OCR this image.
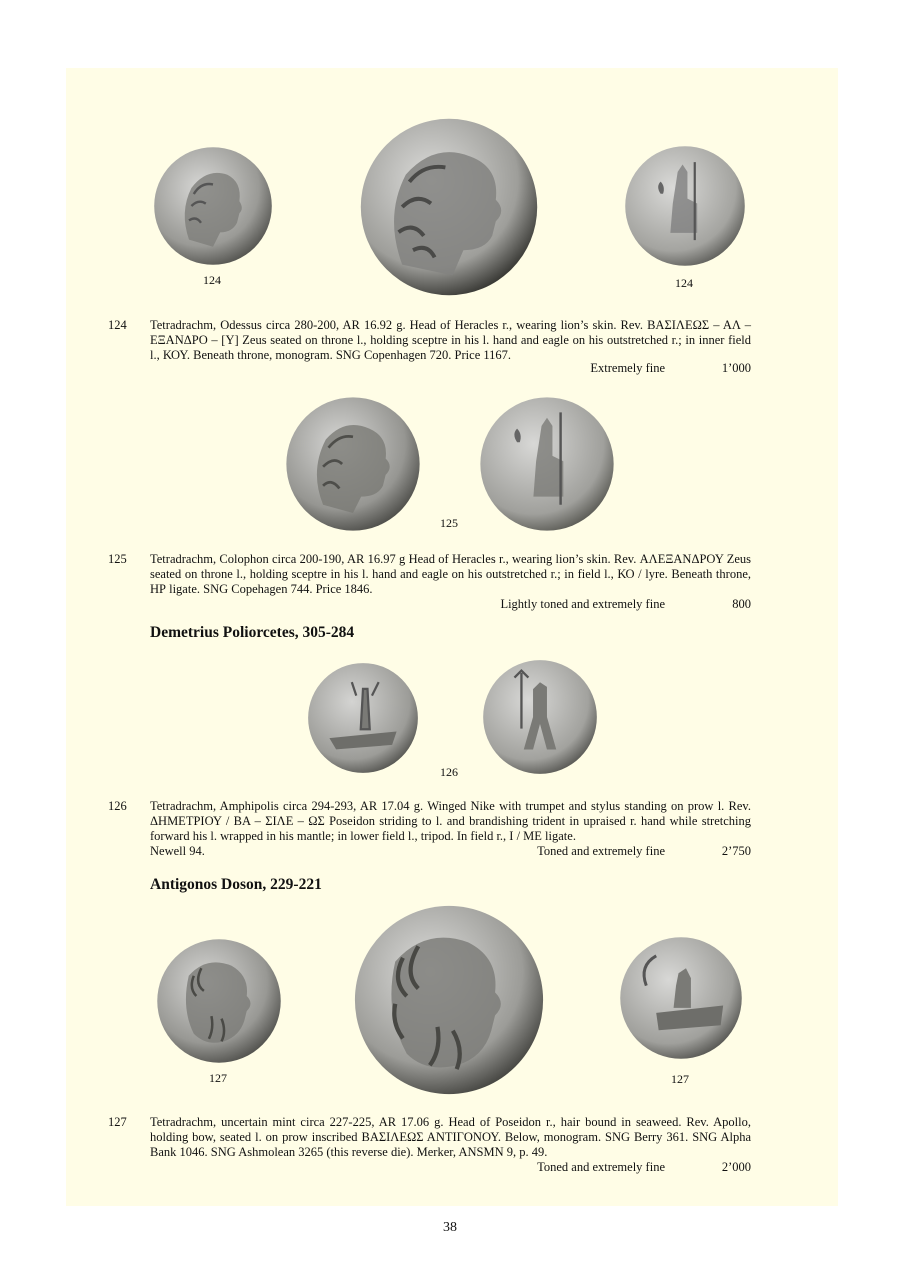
124	124
124 Tetradrachm, Odessus circa 280-200, AR 16.92 g. Head of Heracles r., wearing lion’s skin. Rev. ΒΑΣΙΛΕΩΣ – ΑΛ – ΕΞΑΝΔΡΟ – [Υ] Zeus seated on throne l., holding sceptre in his l. hand and eagle on his outstretched r.; in inner field l., ΚΟΥ. Beneath throne, monogram. SNG Copenhagen 720. Price 1167.
Extremely fine	1’000
125
125 Tetradrachm, Colophon circa 200-190, AR 16.97 g Head of Heracles r., wearing lion’s skin. Rev. ΑΛΕΞΑΝΔΡΟΥ Zeus seated on throne l., holding sceptre in his l. hand and eagle on his outstretched r.; in field l., ΚΟ / lyre. Beneath throne, ΗΡ ligate. SNG Copehagen 744. Price 1846.
Lightly toned and extremely fine	800
Demetrius Poliorcetes, 305-284
126
126 Tetradrachm, Amphipolis circa 294-293, AR 17.04 g. Winged Nike with trumpet and stylus standing on prow l. Rev. ΔΗΜΕΤΡΙΟΥ / ΒΑ – ΣΙΛΕ – ΩΣ Poseidon striding to l. and brandishing trident in upraised r. hand while stretching forward his l. wrapped in his mantle; in lower field l., tripod. In field r., Ι / ΜΕ ligate.
Newell 94.	Toned and extremely fine	2’750
Antigonos Doson, 229-221
127	127
127 Tetradrachm, uncertain mint circa 227-225, AR 17.06 g. Head of Poseidon r., hair bound in seaweed. Rev. Apollo, holding bow, seated l. on prow inscribed ΒΑΣΙΛΕΩΣ ΑΝΤΙΓΟΝΟΥ. Below, monogram. SNG Berry 361. SNG Alpha Bank 1046. SNG Ashmolean 3265 (this reverse die). Merker, ANSMN 9, p. 49.
Toned and extremely fine	2’000
38
